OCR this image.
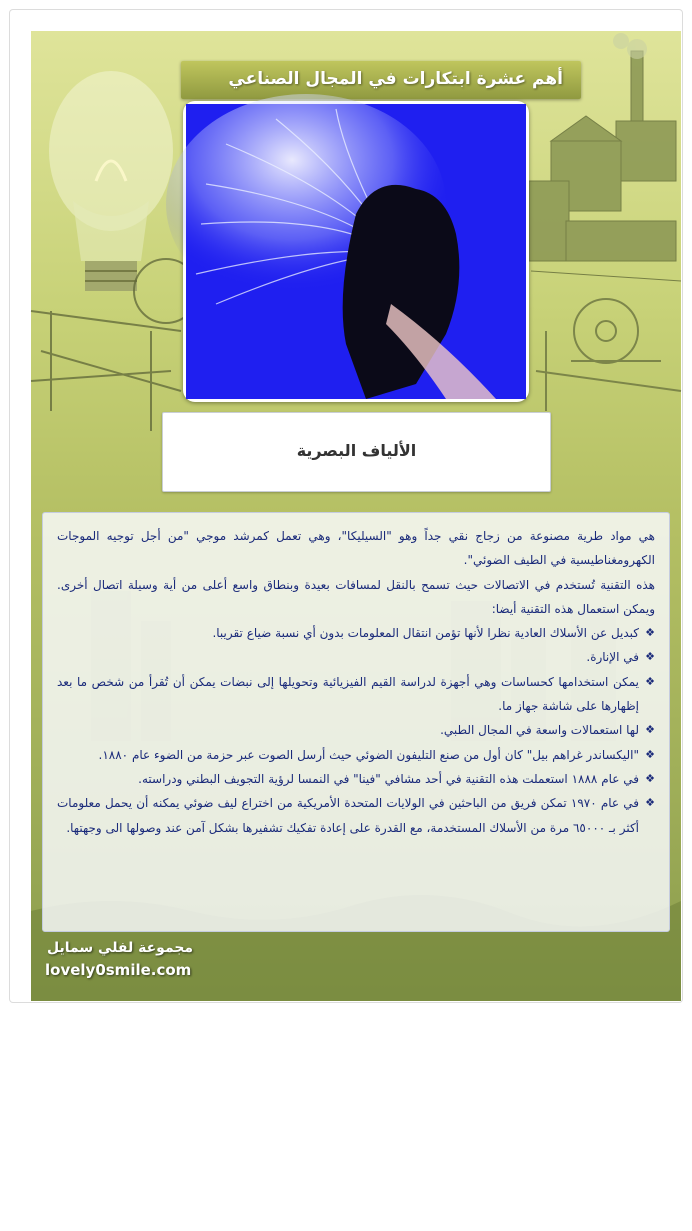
أهم عشرة ابتكارات في المجال الصناعي
الألياف البصرية
lovely0smile.com

هي مواد طرية مصنوعة من زجاج نقي جداً وهو "السيليكا"، وهي تعمل كمرشد موجي "من أجل توجيه الموجات الكهرومغناطيسية في الطيف الضوئي".

هذه التقنية تُستخدم في الاتصالات حيث تسمح بالنقل لمسافات بعيدة وبنطاق واسع أعلى من أية وسيلة اتصال أخرى. ويمكن استعمال هذه التقنية أيضا:

❖
كبديل عن الأسلاك العادية نظرا لأنها تؤمن انتقال المعلومات بدون أي نسبة ضياع تقريبا.
❖
في الإنارة.
❖
يمكن استخدامها كحساسات وهي أجهزة لدراسة القيم الفيزيائية وتحويلها إلى نبضات يمكن أن تُقرأ من شخص ما بعد إظهارها على شاشة جهاز ما.
❖
لها استعمالات واسعة في المجال الطبي.
❖
"اليكساندر غراهم بيل" كان أول من صنع التليفون الضوئي حيث أرسل الصوت عبر حزمة من الضوء عام ١٨٨٠.
❖
في عام ١٨٨٨ استعملت هذه التقنية في أحد مشافي "فينا" في النمسا لرؤية التجويف البطني ودراسته.
❖
في عام ١٩٧٠ تمكن فريق من الباحثين في الولايات المتحدة الأمريكية من اختراع ليف ضوئي يمكنه أن يحمل معلومات أكثر بـ ٦٥٠٠٠ مرة من الأسلاك المستخدمة، مع القدرة على إعادة تفكيك تشفيرها بشكل آمن عند وصولها الى وجهتها.
مجموعة لفلي سمايل
lovely0smile.com
